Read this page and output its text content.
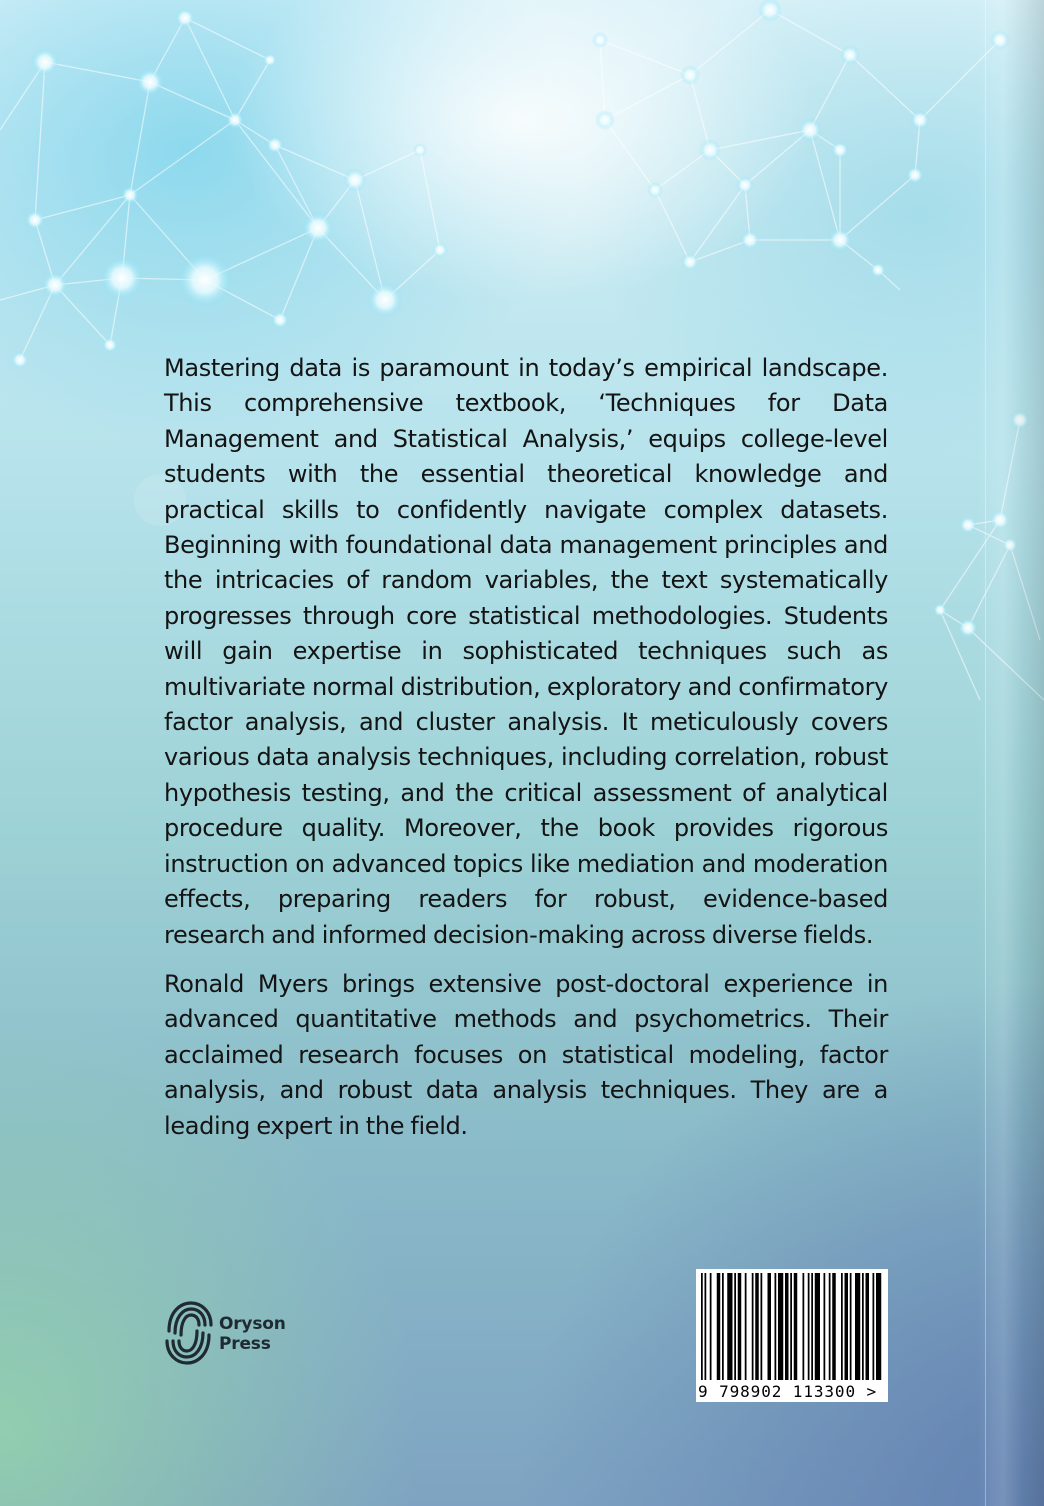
Mastering data is paramount in today’s empirical landscape. This comprehensive textbook, ‘Techniques for Data Management and Statistical Analysis,’ equips college-level students with the essential theoretical knowledge and practical skills to confidently navigate complex datasets. Beginning with foundational data management principles and the intricacies of random variables, the text systematically progresses through core statistical methodologies. Students will gain expertise in sophisticated techniques such as multivariate normal distribution, exploratory and confirmatory factor analysis, and cluster analysis. It meticulously covers various data analysis techniques, including correlation, robust hypothesis testing, and the critical assessment of analytical procedure quality. Moreover, the book provides rigorous instruction on advanced topics like mediation and moderation effects, preparing readers for robust, evidence-based research and informed decision-making across diverse fields.

Ronald Myers brings extensive post-doctoral experience in advanced quantitative methods and psychometrics. Their acclaimed research focuses on statistical modeling, factor analysis, and robust data analysis techniques. They are a leading expert in the field.

Oryson
Press
9 798902 113300 >
